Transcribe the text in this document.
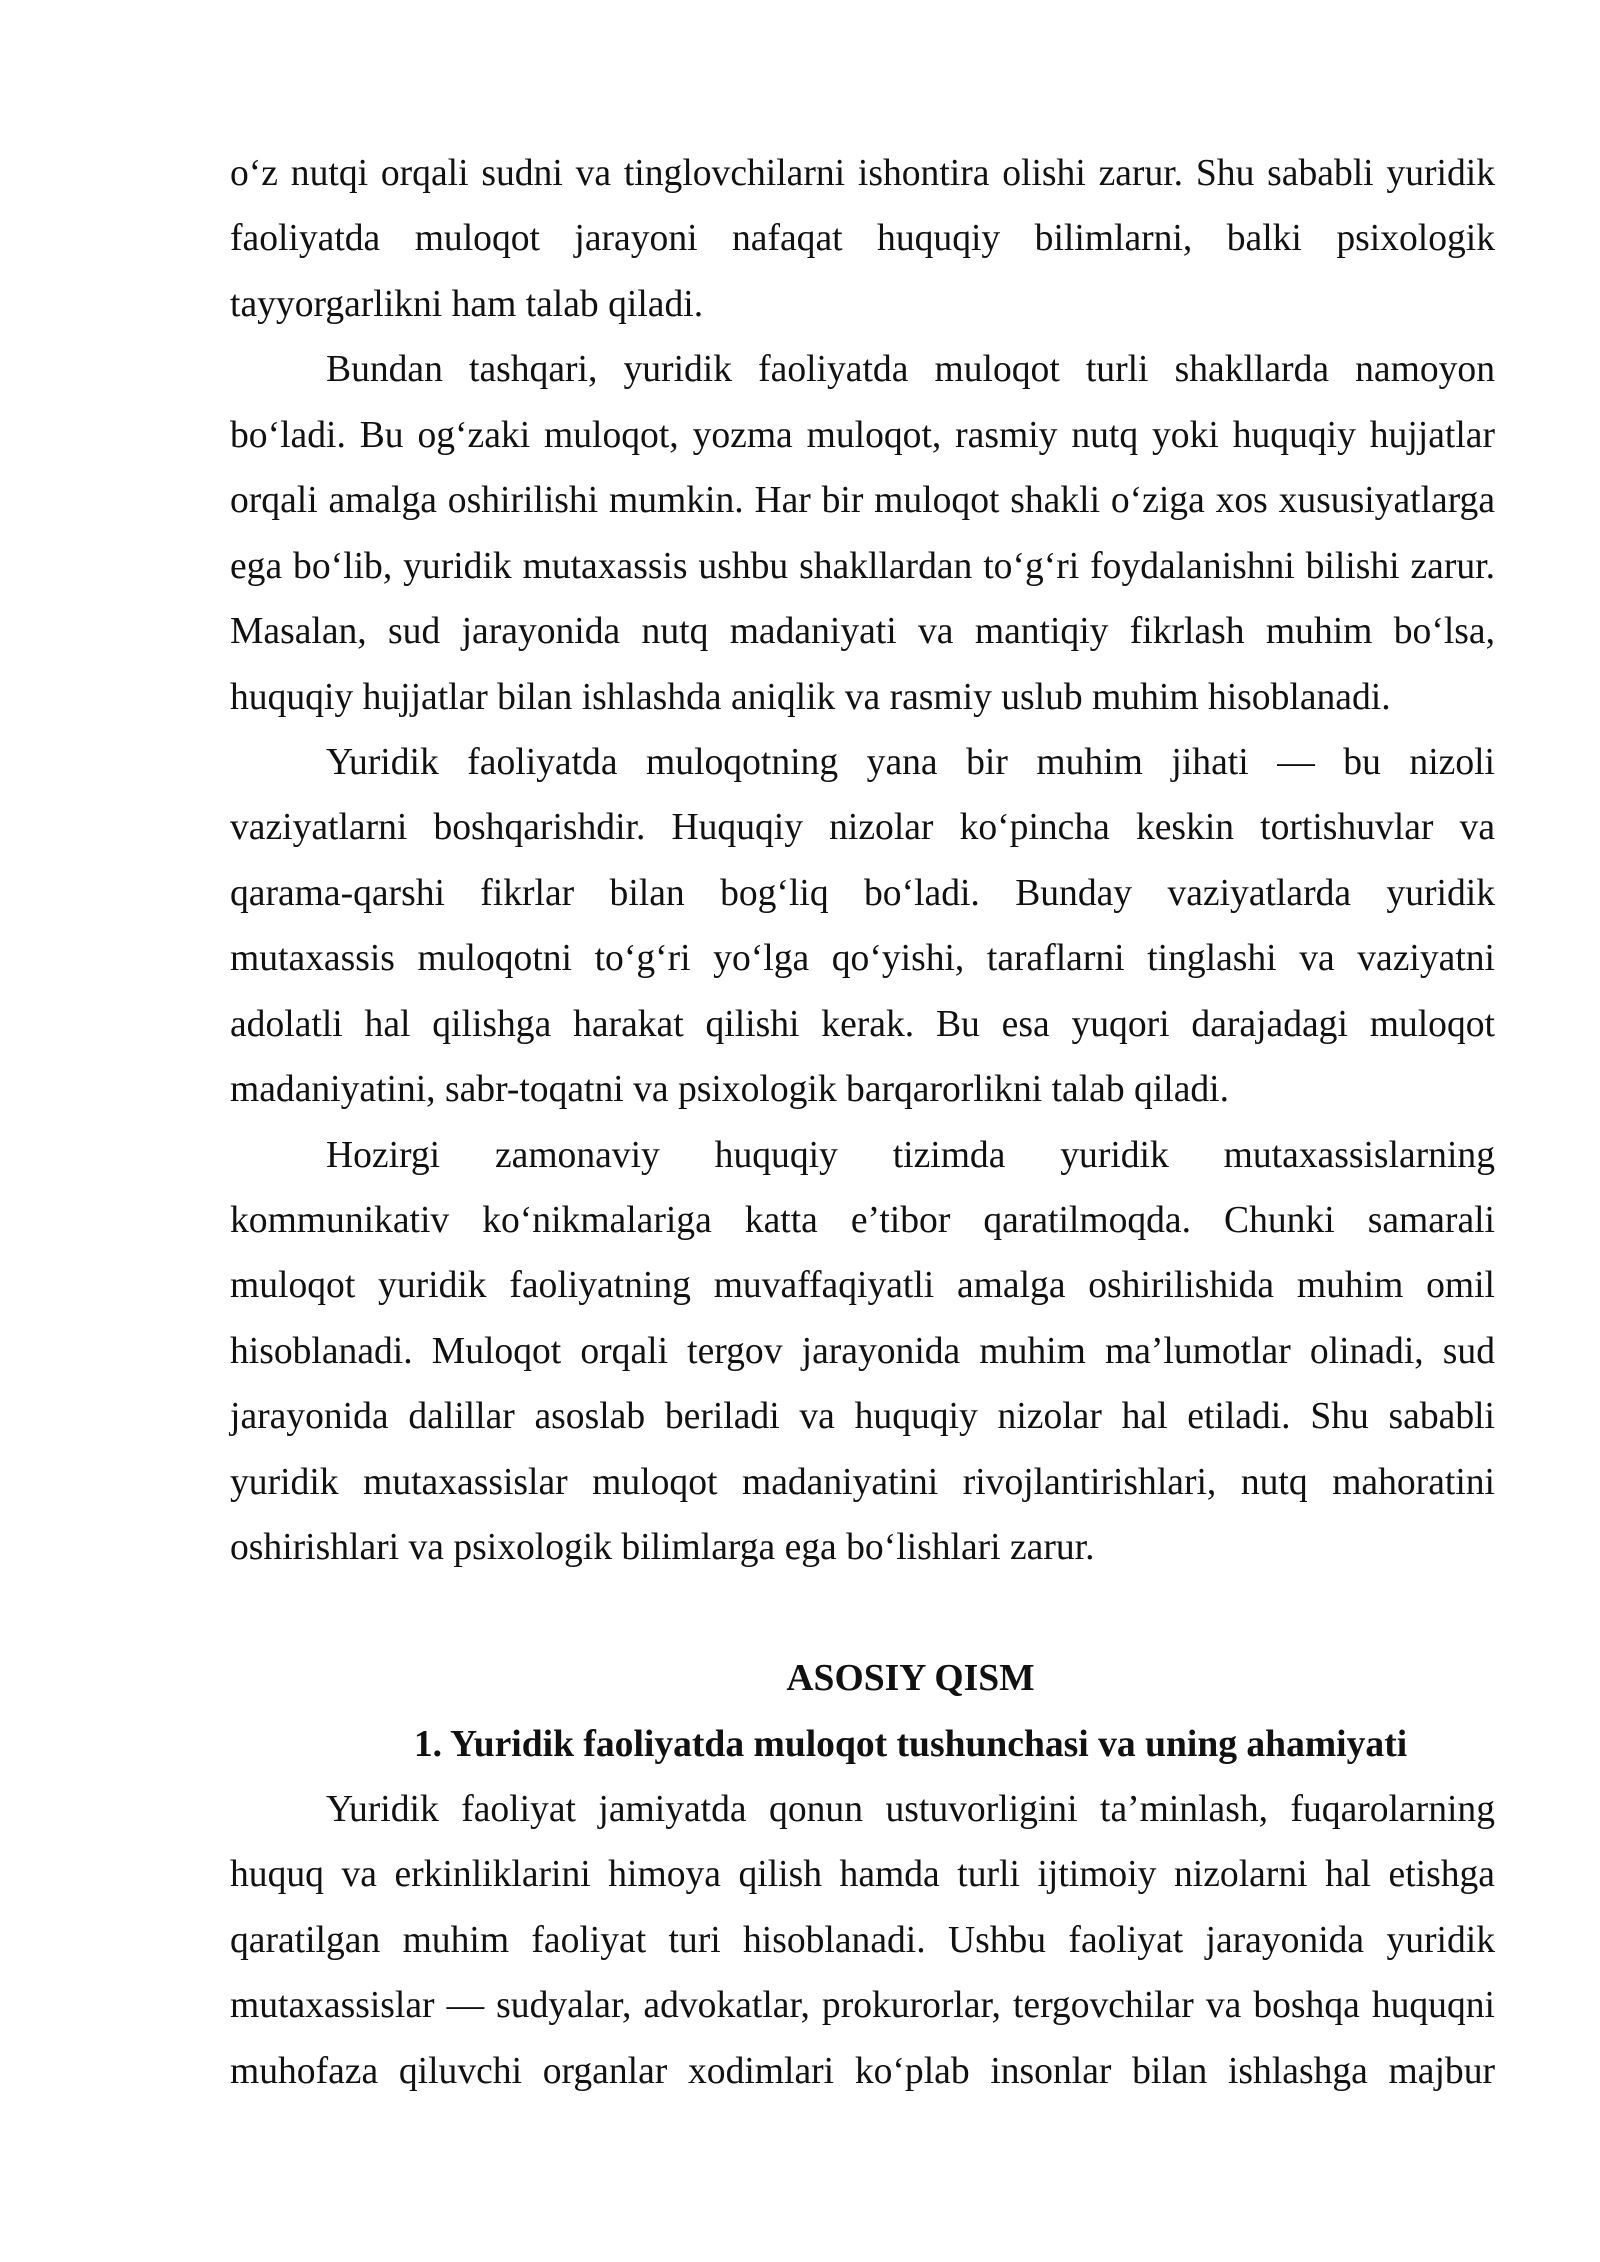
o‘z nutqi orqali sudni va tinglovchilarni ishontira olishi zarur. Shu sababli yuridik
faoliyatda muloqot jarayoni nafaqat huquqiy bilimlarni, balki psixologik
tayyorgarlikni ham talab qiladi.
Bundan tashqari, yuridik faoliyatda muloqot turli shakllarda namoyon
bo‘ladi. Bu og‘zaki muloqot, yozma muloqot, rasmiy nutq yoki huquqiy hujjatlar
orqali amalga oshirilishi mumkin. Har bir muloqot shakli o‘ziga xos xususiyatlarga
ega bo‘lib, yuridik mutaxassis ushbu shakllardan to‘g‘ri foydalanishni bilishi zarur.
Masalan, sud jarayonida nutq madaniyati va mantiqiy fikrlash muhim bo‘lsa,
huquqiy hujjatlar bilan ishlashda aniqlik va rasmiy uslub muhim hisoblanadi.
Yuridik faoliyatda muloqotning yana bir muhim jihati — bu nizoli
vaziyatlarni boshqarishdir. Huquqiy nizolar ko‘pincha keskin tortishuvlar va
qarama-qarshi fikrlar bilan bog‘liq bo‘ladi. Bunday vaziyatlarda yuridik
mutaxassis muloqotni to‘g‘ri yo‘lga qo‘yishi, taraflarni tinglashi va vaziyatni
adolatli hal qilishga harakat qilishi kerak. Bu esa yuqori darajadagi muloqot
madaniyatini, sabr-toqatni va psixologik barqarorlikni talab qiladi.
Hozirgi zamonaviy huquqiy tizimda yuridik mutaxassislarning
kommunikativ ko‘nikmalariga katta e’tibor qaratilmoqda. Chunki samarali
muloqot yuridik faoliyatning muvaffaqiyatli amalga oshirilishida muhim omil
hisoblanadi. Muloqot orqali tergov jarayonida muhim ma’lumotlar olinadi, sud
jarayonida dalillar asoslab beriladi va huquqiy nizolar hal etiladi. Shu sababli
yuridik mutaxassislar muloqot madaniyatini rivojlantirishlari, nutq mahoratini
oshirishlari va psixologik bilimlarga ega bo‘lishlari zarur.
ASOSIY QISM
1. Yuridik faoliyatda muloqot tushunchasi va uning ahamiyati
Yuridik faoliyat jamiyatda qonun ustuvorligini ta’minlash, fuqarolarning
huquq va erkinliklarini himoya qilish hamda turli ijtimoiy nizolarni hal etishga
qaratilgan muhim faoliyat turi hisoblanadi. Ushbu faoliyat jarayonida yuridik
mutaxassislar — sudyalar, advokatlar, prokurorlar, tergovchilar va boshqa huquqni
muhofaza qiluvchi organlar xodimlari ko‘plab insonlar bilan ishlashga majbur
